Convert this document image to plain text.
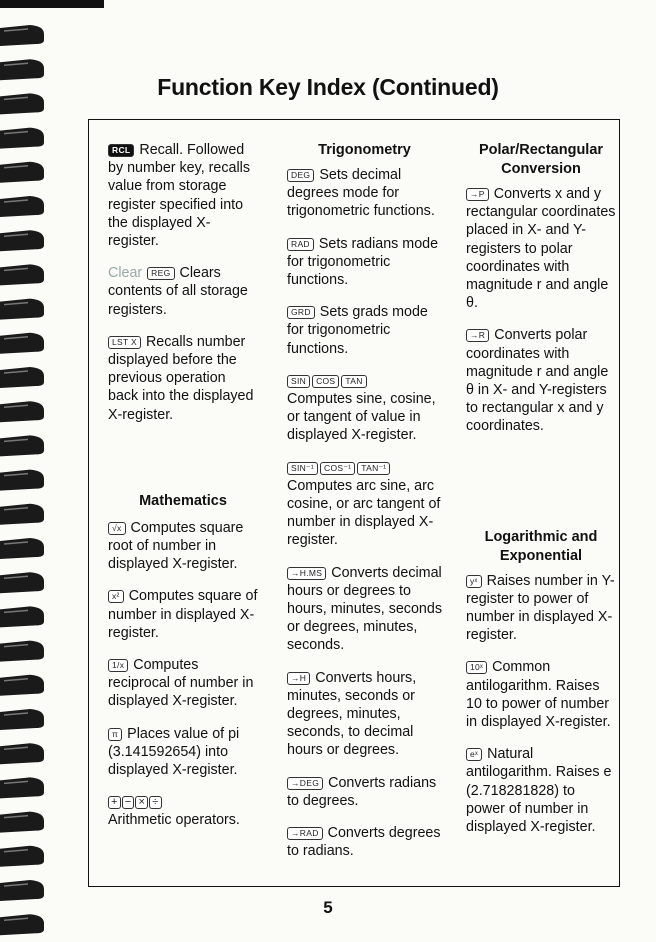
Function Key Index (Continued)
RCL Recall. Followed by number key, recalls value from storage register specified into the displayed X-register.
Clear REG Clears contents of all storage registers.
LST X Recalls number displayed before the previous operation back into the displayed X-register.
Mathematics
√x Computes square root of number in displayed X-register.
x² Computes square of number in displayed X-register.
1/x Computes reciprocal of number in displayed X-register.
π Places value of pi (3.141592654) into displayed X-register.
+ − × ÷
Arithmetic operators.
Trigonometry
DEG Sets decimal degrees mode for trigonometric functions.
RAD Sets radians mode for trigonometric functions.
GRD Sets grads mode for trigonometric functions.
SIN COS TAN
Computes sine, cosine, or tangent of value in displayed X-register.
SIN⁻¹ COS⁻¹ TAN⁻¹
Computes arc sine, arc cosine, or arc tangent of number in displayed X-register.
→H.MS Converts decimal hours or degrees to hours, minutes, seconds or degrees, minutes, seconds.
→H Converts hours, minutes, seconds or degrees, minutes, seconds, to decimal hours or degrees.
→DEG Converts radians to degrees.
→RAD Converts degrees to radians.
Polar/Rectangular Conversion
→P Converts x and y rectangular coordinates placed in X- and Y-registers to polar coordinates with magnitude r and angle θ.
→R Converts polar coordinates with magnitude r and angle θ in X- and Y-registers to rectangular x and y coordinates.
Logarithmic and Exponential
yˣ Raises number in Y-register to power of number in displayed X-register.
10ˣ Common antilogarithm. Raises 10 to power of number in displayed X-register.
eˣ Natural antilogarithm. Raises e (2.718281828) to power of number in displayed X-register.
5
